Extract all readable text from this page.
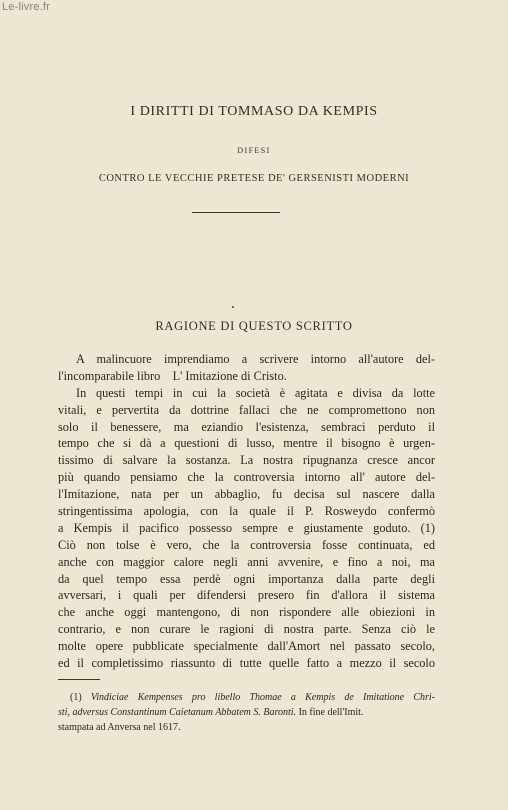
Le-livre.fr
I DIRITTI DI TOMMASO DA KEMPIS
DIFESI
CONTRO LE VECCHIE PRETESE DE' GERSENISTI MODERNI
RAGIONE DI QUESTO SCRITTO
A malincuore imprendiamo a scrivere intorno all'autore del-
l'incomparabile libro    L' Imitazione di Cristo.
In questi tempi in cui la società è agitata e divisa da lotte
vitali, e pervertita da dottrine fallaci che ne compromettono non
solo il benessere, ma eziandio l'esistenza, sembraci perduto il
tempo che si dà a questioni di lusso, mentre il bisogno è urgen-
tissimo di salvare la sostanza. La nostra ripugnanza cresce ancor
più quando pensiamo che la controversia intorno all' autore del-
l'Imitazione, nata per un abbaglio, fu decisa sul nascere dalla
stringentissima apologia, con la quale il P. Rosweydo confermò
a Kempis il pacifico possesso sempre e giustamente goduto. (1)
Ciò non tolse è vero, che la controversia fosse continuata, ed
anche con maggior calore negli anni avvenire, e fino a noi, ma
da quel tempo essa perdè ogni importanza dalla parte degli
avversari, i quali per difendersi presero fin d'allora il sistema
che anche oggi mantengono, di non rispondere alle obiezioni in
contrario, e non curare le ragioni di nostra parte. Senza ciò le
molte opere pubblicate specialmente dall'Amort nel passato secolo,
ed il completissimo riassunto di tutte quelle fatto a mezzo il secolo
(1) Vindiciae Kempenses pro libello Thomae a Kempis de Imitatione Chri-
sti, adversus Constantinum Caietanum Abbatem S. Baronti. In fine dell'Imit.
stampata ad Anversa nel 1617.
